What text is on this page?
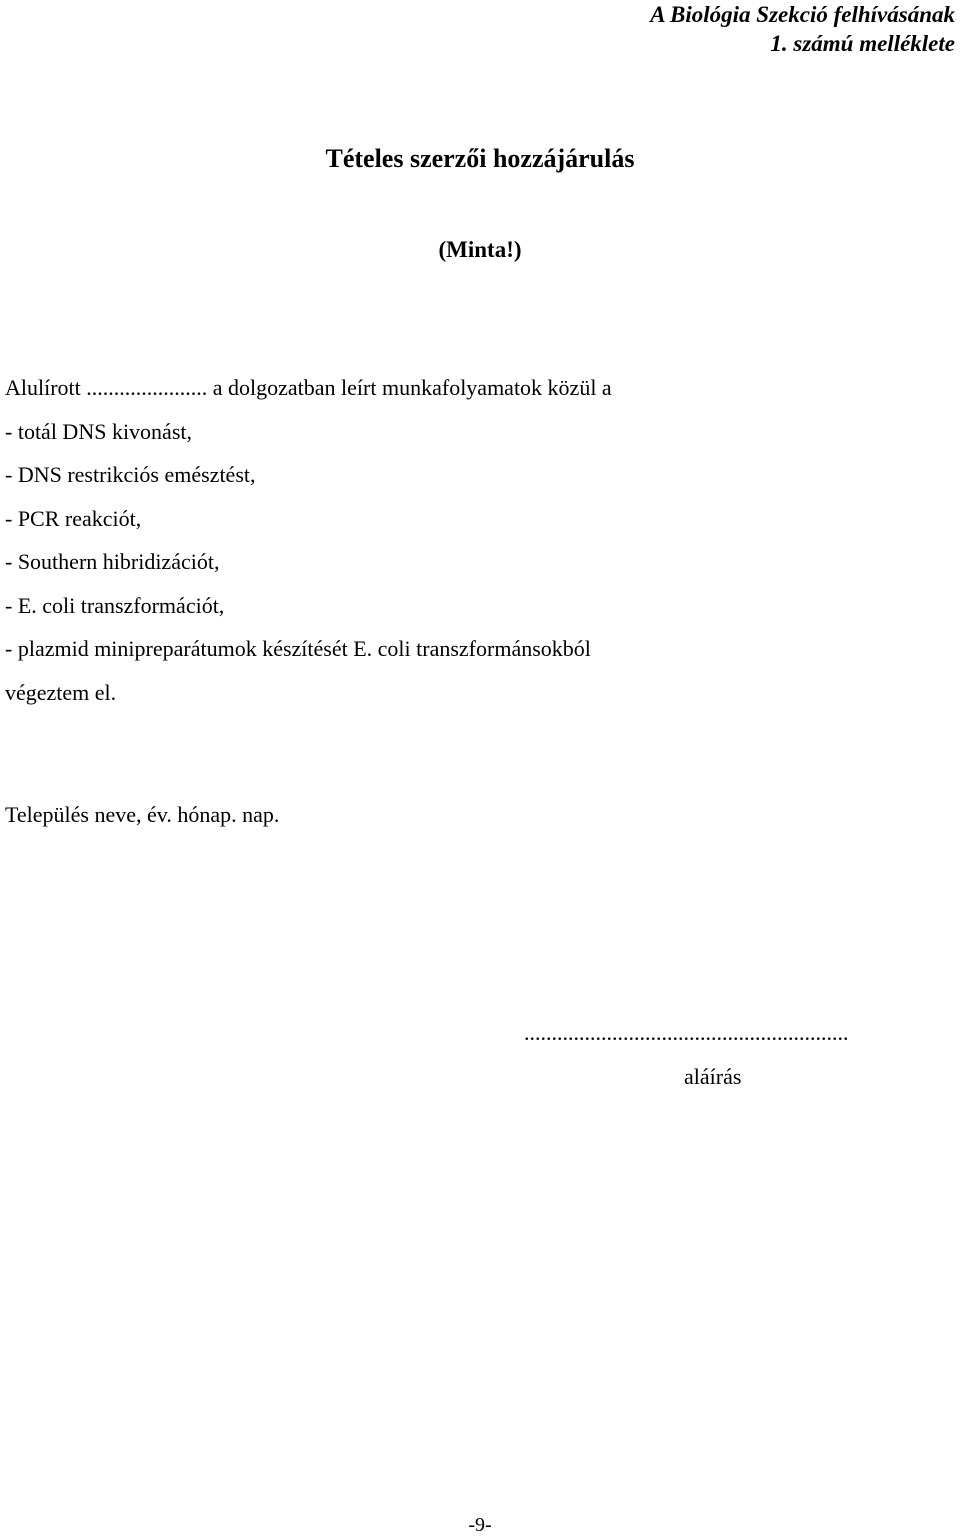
A Biológia Szekció felhívásának
1. számú melléklete
Tételes szerzői hozzájárulás
(Minta!)
Alulírott ...................... a dolgozatban leírt munkafolyamatok közül a
- totál DNS kivonást,
- DNS restrikciós emésztést,
- PCR reakciót,
- Southern hibridizációt,
- E. coli transzformációt,
- plazmid minipreparátumok készítését E. coli transzformánsokból
végeztem el.
Település neve, év. hónap. nap.
...........................................................
aláírás
-9-
